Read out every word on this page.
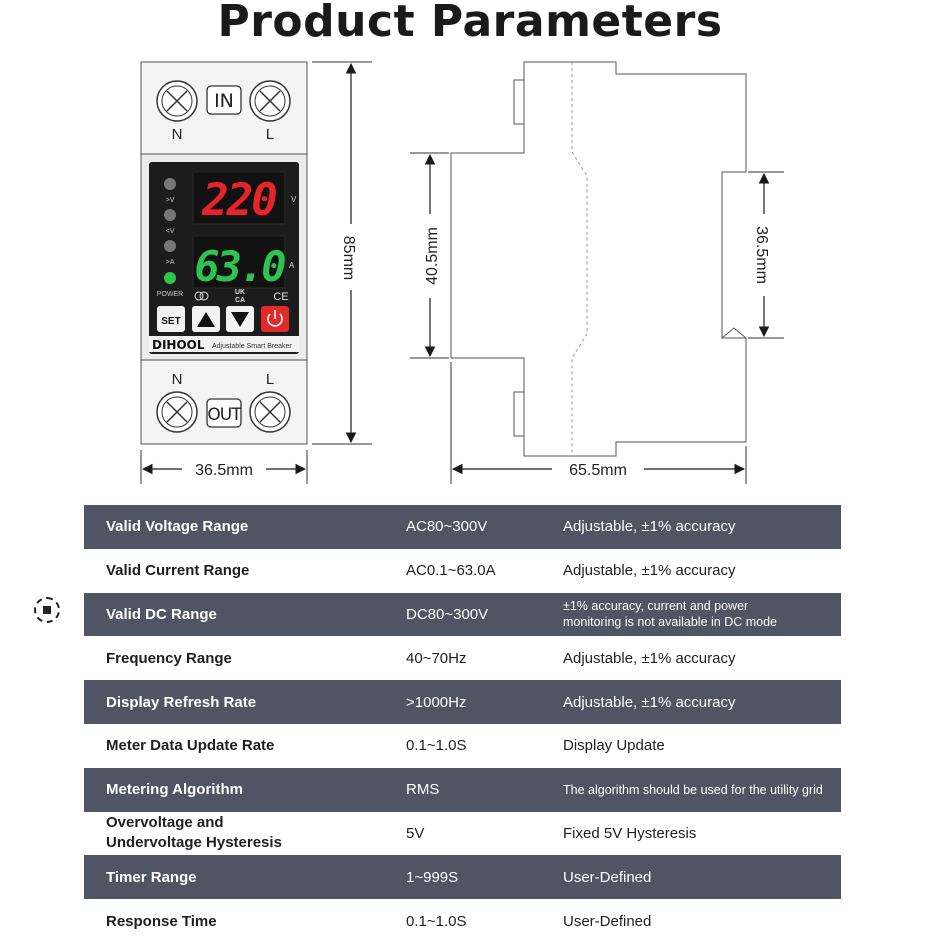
Product Parameters
IN
N	L
220
63.0
V
A
>V
<V
>A
POWER	UK
CA	CE
SET
DIHOOL Adjustable Smart Breaker
N	L
OUT
85mm
36.5mm
40.5mm	36.5mm
65.5mm
Valid Voltage Range	AC80~300V	Adjustable, ±1% accuracy
Valid Current Range	AC0.1~63.0A	Adjustable, ±1% accuracy
Valid DC Range	DC80~300V	±1% accuracy, current and power
monitoring is not available in DC mode

Frequency Range	40~70Hz	Adjustable, ±1% accuracy
Display Refresh Rate	>1000Hz	Adjustable, ±1% accuracy
Meter Data Update Rate	0.1~1.0S	Display Update
Metering Algorithm	RMS	The algorithm should be used for the utility grid

Overvoltage and
Undervoltage Hysteresis	5V	Fixed 5V Hysteresis
Timer Range	1~999S	User-Defined
Response Time	0.1~1.0S	User-Defined
